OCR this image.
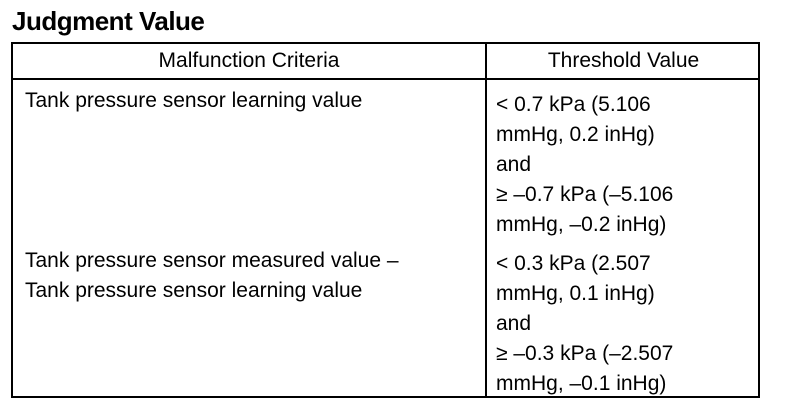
Judgment Value
Malfunction Criteria	Threshold Value
Tank pressure sensor learning value	< 0.7 kPa (5.106
mmHg, 0.2 inHg)
and
≥ –0.7 kPa (–5.106
mmHg, –0.2 inHg)
Tank pressure sensor measured value –
Tank pressure sensor learning value
< 0.3 kPa (2.507
mmHg, 0.1 inHg)
and
≥ –0.3 kPa (–2.507
mmHg, –0.1 inHg)
